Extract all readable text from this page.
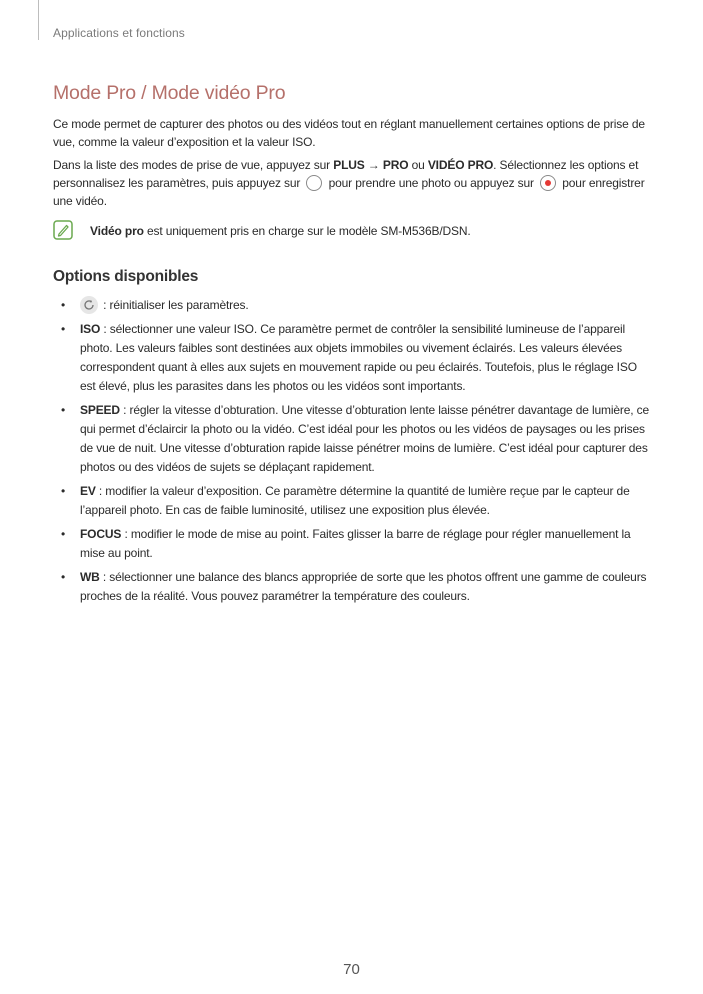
Applications et fonctions
Mode Pro / Mode vidéo Pro

Ce mode permet de capturer des photos ou des vidéos tout en réglant manuellement certaines options de prise de vue, comme la valeur d’exposition et la valeur ISO.

Dans la liste des modes de prise de vue, appuyez sur PLUS → PRO ou VIDÉO PRO. Sélectionnez les options et personnalisez les paramètres, puis appuyez sur  pour prendre une photo ou appuyez sur
pour enregistrer une vidéo.

Vidéo pro est uniquement pris en charge sur le modèle SM-M536B/DSN.
Options disponibles
•	: réinitialiser les paramètres.
• ISO : sélectionner une valeur ISO. Ce paramètre permet de contrôler la sensibilité lumineuse de l’appareil photo. Les valeurs faibles sont destinées aux objets immobiles ou vivement éclairés. Les valeurs élevées correspondent quant à elles aux sujets en mouvement rapide ou peu éclairés. Toutefois, plus le réglage ISO est élevé, plus les parasites dans les photos ou les vidéos sont importants.
• SPEED : régler la vitesse d’obturation. Une vitesse d’obturation lente laisse pénétrer davantage de lumière, ce qui permet d’éclaircir la photo ou la vidéo. C’est idéal pour les photos ou les vidéos de paysages ou les prises de vue de nuit. Une vitesse d’obturation rapide laisse pénétrer moins de lumière. C’est idéal pour capturer des photos ou des vidéos de sujets se déplaçant rapidement.
• EV : modifier la valeur d’exposition. Ce paramètre détermine la quantité de lumière reçue par le capteur de l’appareil photo. En cas de faible luminosité, utilisez une exposition plus élevée.
• FOCUS : modifier le mode de mise au point. Faites glisser la barre de réglage pour régler manuellement la mise au point.
• WB : sélectionner une balance des blancs appropriée de sorte que les photos offrent une gamme de couleurs proches de la réalité. Vous pouvez paramétrer la température des couleurs.
70
